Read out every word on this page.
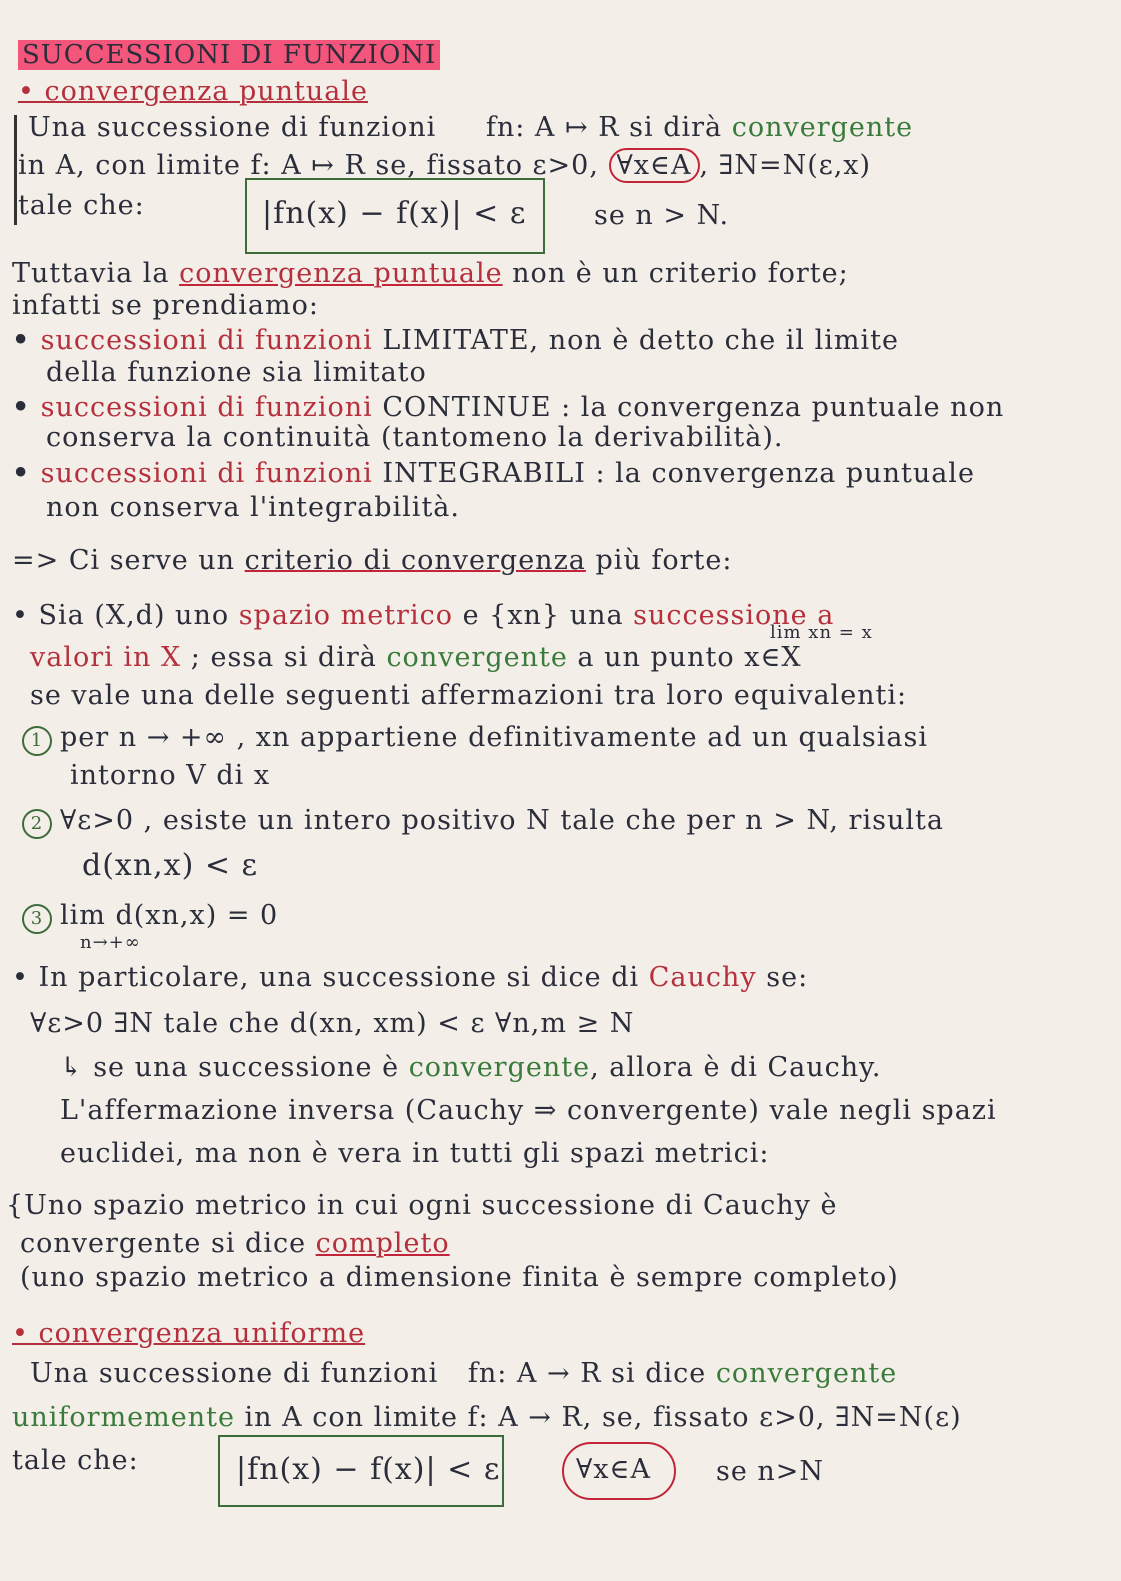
SUCCESSIONI DI FUNZIONI
• convergenza puntuale
Una successione di funzioni fn: A ↦ R si dirà convergente
in A, con limite f: A ↦ R se, fissato ε>0, ∀x∈A , ∃N=N(ε,x)
tale che:	|fn(x) − f(x)| < ε	se n > N.
Tuttavia la convergenza puntuale non è un criterio forte;
infatti se prendiamo:
• successioni di funzioni LIMITATE, non è detto che il limite
della funzione sia limitato
• successioni di funzioni CONTINUE : la convergenza puntuale non
conserva la continuità (tantomeno la derivabilità).
• successioni di funzioni INTEGRABILI : la convergenza puntuale
non conserva l'integrabilità.
=> Ci serve un criterio di convergenza più forte:
• Sia (X,d) uno spazio metrico e {xn} una successione a
lim xn = x
valori in X ; essa si dirà convergente a un punto x∈X
se vale una delle seguenti affermazioni tra loro equivalenti:
1 per n → +∞ , xn appartiene definitivamente ad un qualsiasi
intorno V di x
2 ∀ε>0 , esiste un intero positivo N tale che per n > N, risulta
d(xn,x) < ε
3 lim d(xn,x) = 0
n→+∞
• In particolare, una successione si dice di Cauchy se:
∀ε>0 ∃N tale che d(xn, xm) < ε ∀n,m ≥ N
↳ se una successione è convergente, allora è di Cauchy.
L'affermazione inversa (Cauchy ⇒ convergente) vale negli spazi
euclidei, ma non è vera in tutti gli spazi metrici:
{Uno spazio metrico in cui ogni successione di Cauchy è
convergente si dice completo
(uno spazio metrico a dimensione finita è sempre completo)
• convergenza uniforme
Una successione di funzioni fn: A → R si dice convergente
uniformemente in A con limite f: A → R, se, fissato ε>0, ∃N=N(ε)
tale che:	|fn(x) − f(x)| < ε	∀x∈A se n>N
